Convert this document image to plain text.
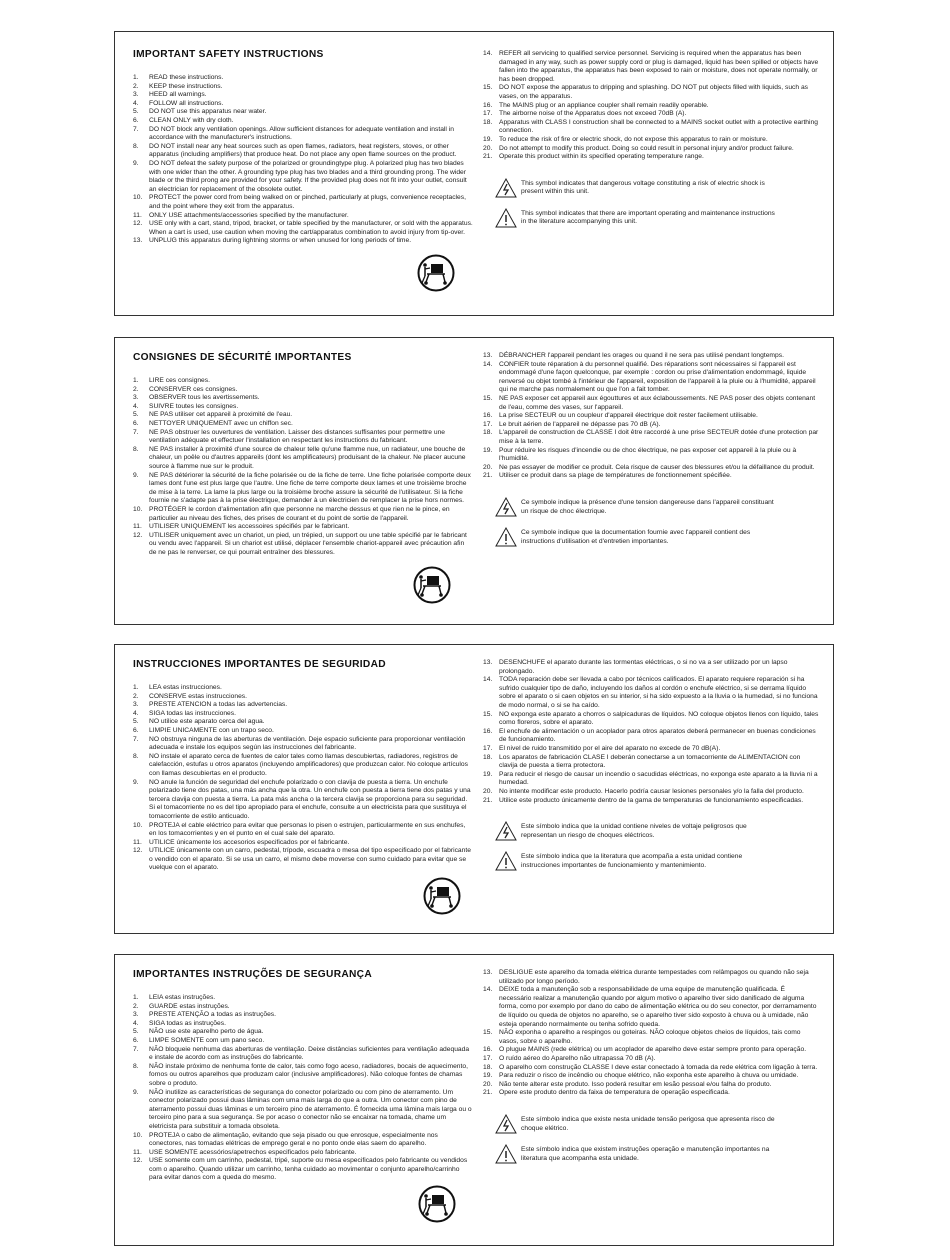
IMPORTANT SAFETY INSTRUCTIONS
1.	READ these instructions.
2.	KEEP these instructions.
3.	HEED all warnings.
4.	FOLLOW all instructions.
5.	DO NOT use this apparatus near water.
6.	CLEAN ONLY with dry cloth.
7.	DO NOT block any ventilation openings. Allow sufficient distances for adequate ventilation and install in accordance with the manufacturer's instructions.
8.	DO NOT install near any heat sources such as open flames, radiators, heat registers, stoves, or other apparatus (including amplifiers) that produce heat. Do not place any open flame sources on the product.
9.	DO NOT defeat the safety purpose of the polarized or groundingtype plug. A polarized plug has two blades with one wider than the other. A grounding type plug has two blades and a third grounding prong. The wider blade or the third prong are provided for your safety. If the provided plug does not fit into your outlet, consult an electrician for replacement of the obsolete outlet.
10.	PROTECT the power cord from being walked on or pinched, particularly at plugs, convenience receptacles, and the point where they exit from the apparatus.
11.	ONLY USE attachments/accessories specified by the manufacturer.
12.	USE only with a cart, stand, tripod, bracket, or table specified by the manufacturer, or sold with the apparatus. When a cart is used, use caution when moving the cart/apparatus combination to avoid injury from tip-over.
13.	UNPLUG this apparatus during lightning storms or when unused for long periods of time.
14.	REFER all servicing to qualified service personnel. Servicing is required when the apparatus has been damaged in any way, such as power supply cord or plug is damaged, liquid has been spilled or objects have fallen into the apparatus, the apparatus has been exposed to rain or moisture, does not operate normally, or has been dropped.
15.	DO NOT expose the apparatus to dripping and splashing. DO NOT put objects filled with liquids, such as vases, on the apparatus.
16.	The MAINS plug or an appliance coupler shall remain readily operable.
17.	The airborne noise of the Apparatus does not exceed 70dB (A).
18.	Apparatus with CLASS I construction shall be connected to a MAINS socket outlet with a protective earthing connection.
19.	To reduce the risk of fire or electric shock, do not expose this apparatus to rain or moisture.
20.	Do not attempt to modify this product. Doing so could result in personal injury and/or product failure.
21.	Operate this product within its specified operating temperature range.
This symbol indicates that dangerous voltage constituting a risk of electric shock is present within this unit.
This symbol indicates that there are important operating and maintenance instructions in the literature accompanying this unit.
CONSIGNES DE SÉCURITÉ IMPORTANTES
1.	LIRE ces consignes.
2.	CONSERVER ces consignes.
3.	OBSERVER tous les avertissements.
4.	SUIVRE toutes les consignes.
5.	NE PAS utiliser cet appareil à proximité de l'eau.
6.	NETTOYER UNIQUEMENT avec un chiffon sec.
7.	NE PAS obstruer les ouvertures de ventilation. Laisser des distances suffisantes pour permettre une ventilation adéquate et effectuer l'installation en respectant les instructions du fabricant.
8.	NE PAS installer à proximité d'une source de chaleur telle qu'une flamme nue, un radiateur, une bouche de chaleur, un poêle ou d'autres appareils (dont les amplificateurs) produisant de la chaleur. Ne placer aucune source à flamme nue sur le produit.
9.	NE PAS détériorer la sécurité de la fiche polarisée ou de la fiche de terre. Une fiche polarisée comporte deux lames dont l'une est plus large que l'autre. Une fiche de terre comporte deux lames et une troisième broche de mise à la terre. La lame la plus large ou la troisième broche assure la sécurité de l'utilisateur. Si la fiche fournie ne s'adapte pas à la prise électrique, demander à un électricien de remplacer la prise hors normes.
10.	PROTÉGER le cordon d'alimentation afin que personne ne marche dessus et que rien ne le pince, en particulier au niveau des fiches, des prises de courant et du point de sortie de l'appareil.
11.	UTILISER UNIQUEMENT les accessoires spécifiés par le fabricant.
12.	UTILISER uniquement avec un chariot, un pied, un trépied, un support ou une table spécifié par le fabricant ou vendu avec l'appareil. Si un chariot est utilisé, déplacer l'ensemble chariot-appareil avec précaution afin de ne pas le renverser, ce qui pourrait entraîner des blessures.
13.	DÉBRANCHER l'appareil pendant les orages ou quand il ne sera pas utilisé pendant longtemps.
14.	CONFIER toute réparation à du personnel qualifié. Des réparations sont nécessaires si l'appareil est endommagé d'une façon quelconque, par exemple : cordon ou prise d'alimentation endommagé, liquide renversé ou objet tombé à l'intérieur de l'appareil, exposition de l'appareil à la pluie ou à l'humidité, appareil qui ne marche pas normalement ou que l'on a fait tomber.
15.	NE PAS exposer cet appareil aux égouttures et aux éclaboussements. NE PAS poser des objets contenant de l'eau, comme des vases, sur l'appareil.
16.	La prise SECTEUR ou un coupleur d'appareil électrique doit rester facilement utilisable.
17.	Le bruit aérien de l'appareil ne dépasse pas 70 dB (A).
18.	L'appareil de construction de CLASSE I doit être raccordé à une prise SECTEUR dotée d'une protection par mise à la terre.
19.	Pour réduire les risques d'incendie ou de choc électrique, ne pas exposer cet appareil à la pluie ou à l'humidité.
20.	Ne pas essayer de modifier ce produit. Cela risque de causer des blessures et/ou la défaillance du produit.
21.	Utiliser ce produit dans sa plage de températures de fonctionnement spécifiée.
Ce symbole indique la présence d'une tension dangereuse dans l'appareil constituant un risque de choc électrique.
Ce symbole indique que la documentation fournie avec l'appareil contient des instructions d'utilisation et d'entretien importantes.
INSTRUCCIONES IMPORTANTES DE SEGURIDAD
1.	LEA estas instrucciones.
2.	CONSERVE estas instrucciones.
3.	PRESTE ATENCION a todas las advertencias.
4.	SIGA todas las instrucciones.
5.	NO utilice este aparato cerca del agua.
6.	LIMPIE UNICAMENTE con un trapo seco.
7.	NO obstruya ninguna de las aberturas de ventilación. Deje espacio suficiente para proporcionar ventilación adecuada e instale los equipos según las instrucciones del fabricante.
8.	NO instale el aparato cerca de fuentes de calor tales como llamas descubiertas, radiadores, registros de calefacción, estufas u otros aparatos (incluyendo amplificadores) que produzcan calor. No coloque artículos con llamas descubiertas en el producto.
9.	NO anule la función de seguridad del enchufe polarizado o con clavija de puesta a tierra. Un enchufe polarizado tiene dos patas, una más ancha que la otra. Un enchufe con puesta a tierra tiene dos patas y una tercera clavija con puesta a tierra. La pata más ancha o la tercera clavija se proporciona para su seguridad. Si el tomacorriente no es del tipo apropiado para el enchufe, consulte a un electricista para que sustituya el tomacorriente de estilo anticuado.
10.	PROTEJA el cable eléctrico para evitar que personas lo pisen o estrujen, particularmente en sus enchufes, en los tomacorrientes y en el punto en el cual sale del aparato.
11.	UTILICE únicamente los accesorios especificados por el fabricante.
12.	UTILICE únicamente con un carro, pedestal, trípode, escuadra o mesa del tipo especificado por el fabricante o vendido con el aparato. Si se usa un carro, el mismo debe moverse con sumo cuidado para evitar que se vuelque con el aparato.
13.	DESENCHUFE el aparato durante las tormentas eléctricas, o si no va a ser utilizado por un lapso prolongado.
14.	TODA reparación debe ser llevada a cabo por técnicos calificados. El aparato requiere reparación si ha sufrido cualquier tipo de daño, incluyendo los daños al cordón o enchufe eléctrico, si se derrama líquido sobre el aparato o si caen objetos en su interior, si ha sido expuesto a la lluvia o la humedad, si no funciona de modo normal, o si se ha caído.
15.	NO exponga este aparato a chorros o salpicaduras de líquidos. NO coloque objetos llenos con líquido, tales como floreros, sobre el aparato.
16.	El enchufe de alimentación o un acoplador para otros aparatos deberá permanecer en buenas condiciones de funcionamiento.
17.	El nivel de ruido transmitido por el aire del aparato no excede de 70 dB(A).
18.	Los aparatos de fabricación CLASE I deberán conectarse a un tomacorriente de ALIMENTACION con clavija de puesta a tierra protectora.
19.	Para reducir el riesgo de causar un incendio o sacudidas eléctricas, no exponga este aparato a la lluvia ni a humedad.
20.	No intente modificar este producto. Hacerlo podría causar lesiones personales y/o la falla del producto.
21.	Utilice este producto únicamente dentro de la gama de temperaturas de funcionamiento especificadas.
Este símbolo indica que la unidad contiene niveles de voltaje peligrosos que representan un riesgo de choques eléctricos.
Este símbolo indica que la literatura que acompaña a esta unidad contiene instrucciones importantes de funcionamiento y mantenimiento.
IMPORTANTES INSTRUÇÕES DE SEGURANÇA
1.	LEIA estas instruções.
2.	GUARDE estas instruções.
3.	PRESTE ATENÇÃO a todas as instruções.
4.	SIGA todas as instruções.
5.	NÃO use este aparelho perto de água.
6.	LIMPE SOMENTE com um pano seco.
7.	NÃO bloqueie nenhuma das aberturas de ventilação. Deixe distâncias suficientes para ventilação adequada e instale de acordo com as instruções do fabricante.
8.	NÃO instale próximo de nenhuma fonte de calor, tais como fogo aceso, radiadores, bocais de aquecimento, fornos ou outros aparelhos que produzam calor (inclusive amplificadores). Não coloque fontes de chamas sobre o produto.
9.	NÃO inutilize as características de segurança do conector polarizado ou com pino de aterramento. Um conector polarizado possui duas lâminas com uma mais larga do que a outra. Um conector com pino de aterramento possui duas lâminas e um terceiro pino de aterramento. É fornecida uma lâmina mais larga ou o terceiro pino para a sua segurança. Se por acaso o conector não se encaixar na tomada, chame um eletricista para substituir a tomada obsoleta.
10.	PROTEJA o cabo de alimentação, evitando que seja pisado ou que enrosque, especialmente nos conectores, nas tomadas elétricas de emprego geral e no ponto onde elas saem do aparelho.
11.	USE SOMENTE acessórios/apetrechos especificados pelo fabricante.
12.	USE somente com um carrinho, pedestal, tripé, suporte ou mesa especificados pelo fabricante ou vendidos com o aparelho. Quando utilizar um carrinho, tenha cuidado ao movimentar o conjunto aparelho/carrinho para evitar danos com a queda do mesmo.
13.	DESLIGUE este aparelho da tomada elétrica durante tempestades com relâmpagos ou quando não seja utilizado por longo período.
14.	DEIXE toda a manutenção sob a responsabilidade de uma equipe de manutenção qualificada. É necessário realizar a manutenção quando por algum motivo o aparelho tiver sido danificado de alguma forma, como por exemplo por dano do cabo de alimentação elétrica ou do seu conector, por derramamento de líquido ou queda de objetos no aparelho, se o aparelho tiver sido exposto à chuva ou à umidade, não esteja operando normalmente ou tenha sofrido queda.
15.	NÃO exponha o aparelho a respingos ou goteiras. NÃO coloque objetos cheios de líquidos, tais como vasos, sobre o aparelho.
16.	O plugue MAINS (rede elétrica) ou um acoplador de aparelho deve estar sempre pronto para operação.
17.	O ruído aéreo do Aparelho não ultrapassa 70 dB (A).
18.	O aparelho com construção CLASSE I deve estar conectado à tomada da rede elétrica com ligação à terra.
19.	Para reduzir o risco de incêndio ou choque elétrico, não exponha este aparelho à chuva ou umidade.
20.	Não tente alterar este produto. Isso poderá resultar em lesão pessoal e/ou falha do produto.
21.	Opere este produto dentro da faixa de temperatura de operação especificada.
Este símbolo indica que existe nesta unidade tensão perigosa que apresenta risco de choque elétrico.
Este símbolo indica que existem instruções operação e manutenção importantes na literatura que acompanha esta unidade.
